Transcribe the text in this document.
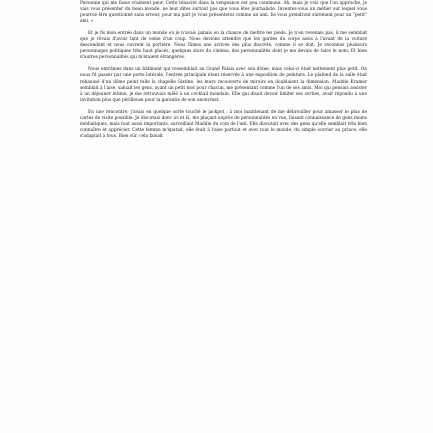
Personne qui me fasse vraiment peur. Cette ténacité dans la vengeance est peu commune. Ah, mais je vois que l'on approche, je vais vous présenter du beau monde, ne leur dites surtout pas que vous êtes journaliste. Inventez-vous un métier sur lequel vous pourrez être questionné sans erreur, pour ma part je vous présenterai comme un ami. Ils vous prendront sûrement pour un "petit" ami. »

Et je fis mon entrée dans un monde où je n'avais jamais eu la chance de mettre les pieds. Je n'en revenais pas, il me semblait que je rêvais d'avoir tant de veine d'un coup. Nous devions attendre que les gardes du corps assis à l'avant de la voiture descendent et nous ouvrent la portière. Nous fûmes une arrivée des plus discrète, comme il se doit. Je reconnus plusieurs personnages politiques très haut placés, quelques stars du cinéma, des personnalités dont je me devais de taire le nom. Et bien d'autres personnalités qui m'étaient étrangères.

Nous entrâmes dans un bâtiment qui ressemblait au Grand Palais avec son dôme, mais celui-ci était nettement plus petit. On nous fit passer par une porte latérale, l'entrée principale étant réservée à une exposition de peinture. Le plafond de la salle était rehaussé d'un dôme peint telle la chapelle Sixtine, les murs recouverts de miroirs en doublaient la dimension. Maddie Kramer semblait à l'aise, saluait les gens, ayant un petit mot pour chacun, me présentant comme l'un de ses amis. Moi qui pensais assister à un déjeuner intime, je me retrouvais mêlé à un cocktail mondain. Elle qui disait devoir limiter ses sorties, avait répondu à une invitation plus que périlleuse pour la garantie de son anonymat.

En une rencontre, j'avais en quelque sorte touché le jackpot ; à moi maintenant de me débrouiller pour amasser le plus de cartes de visite possible. Je discutais donc ici et là, me plaçant auprès de personnalités en vue, faisant connaissance de gens moins médiatiques, mais tout aussi importants, surveillant Maddie du coin de l'œil. Elle discutait avec des gens qu'elle semblait très bien connaître et apprécier. Cette femme m'épatait, elle était à l'aise partout et avec tout le monde, du simple ouvrier au prince, elle s'adaptait à tous. Bien sûr, cela faisait
